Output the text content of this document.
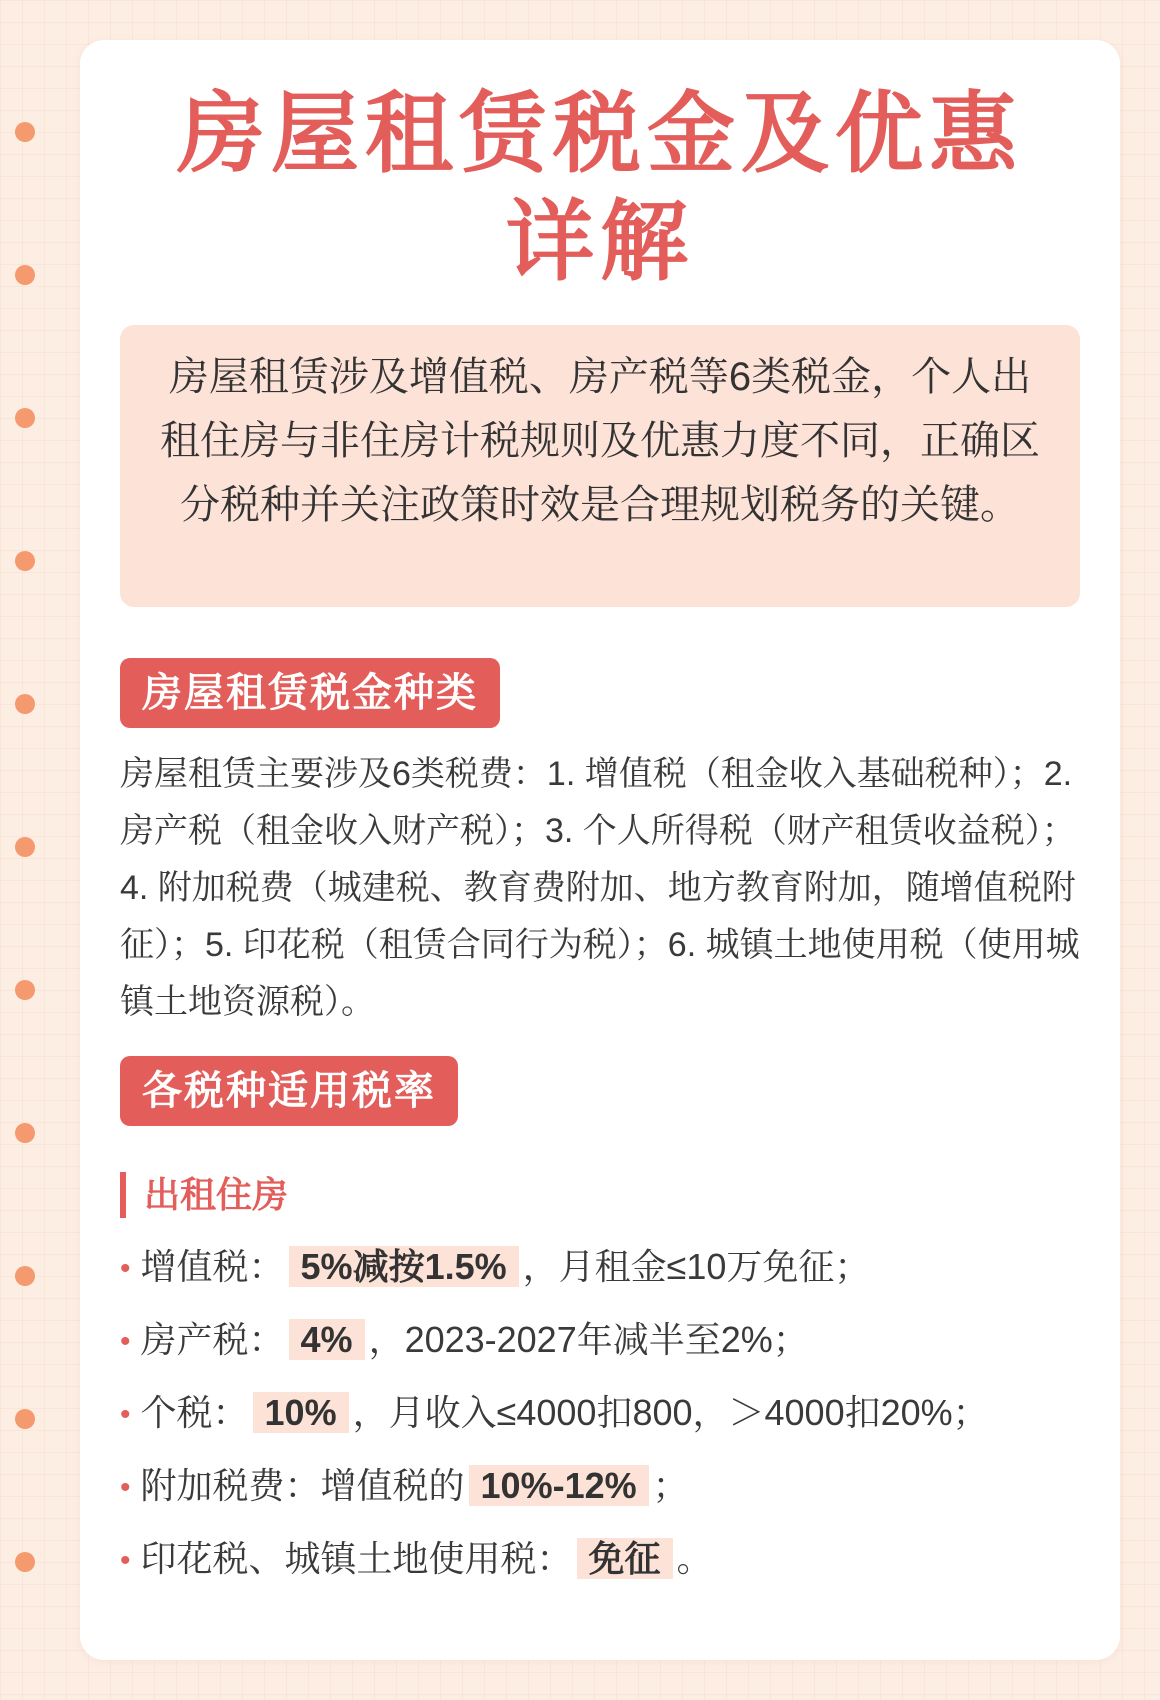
房屋租赁税金及优惠详解
房屋租赁涉及增值税、房产税等6类税金，个人出租住房与非住房计税规则及优惠力度不同，正确区分税种并关注政策时效是合理规划税务的关键。
房屋租赁税金种类
房屋租赁主要涉及6类税费：1. 增值税（租金收入基础税种）；2. 房产税（租金收入财产税）；3. 个人所得税（财产租赁收益税）；4. 附加税费（城建税、教育费附加、地方教育附加，随增值税附征）；5. 印花税（租赁合同行为税）；6. 城镇土地使用税（使用城镇土地资源税）。
各税种适用税率
出租住房
• 增值税： 5%减按1.5% ，月租金≤10万免征；
• 房产税： 4% ，2023-2027年减半至2%；
• 个税： 10% ，月收入≤4000扣800，＞4000扣20%；
• 附加税费：增值税的 10%-12% ；
• 印花税、城镇土地使用税： 免征 。
